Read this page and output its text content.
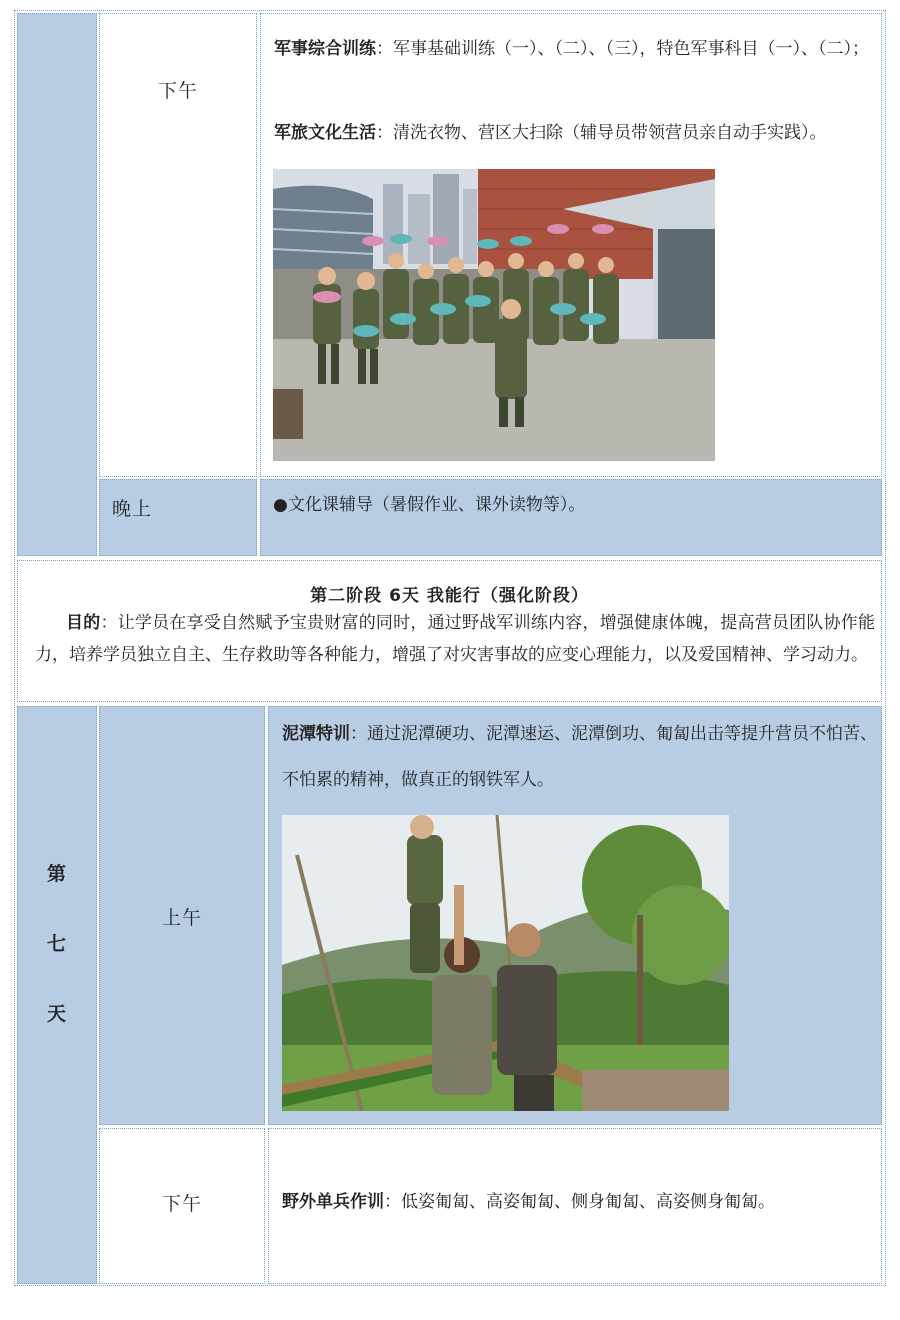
下午
军事综合训练：军事基础训练（一）、（二）、（三），特色军事科目（一）、（二）；
军旅文化生活：清洗衣物、营区大扫除（辅导员带领营员亲自动手实践）。
晚上	●文化课辅导（暑假作业、课外读物等）。
第二阶段 6天 我能行（强化阶段）
目的：让学员在享受自然赋予宝贵财富的同时，通过野战军训练内容，增强健康体魄，提高营员团队协作能力，培养学员独立自主、生存救助等各种能力，增强了对灾害事故的应变心理能力，以及爱国精神、学习动力。
第
七
天
上午
泥潭特训：通过泥潭硬功、泥潭速运、泥潭倒功、匍匐出击等提升营员不怕苦、不怕累的精神，做真正的钢铁军人。
下午	野外单兵作训：低姿匍匐、高姿匍匐、侧身匍匐、高姿侧身匍匐。
